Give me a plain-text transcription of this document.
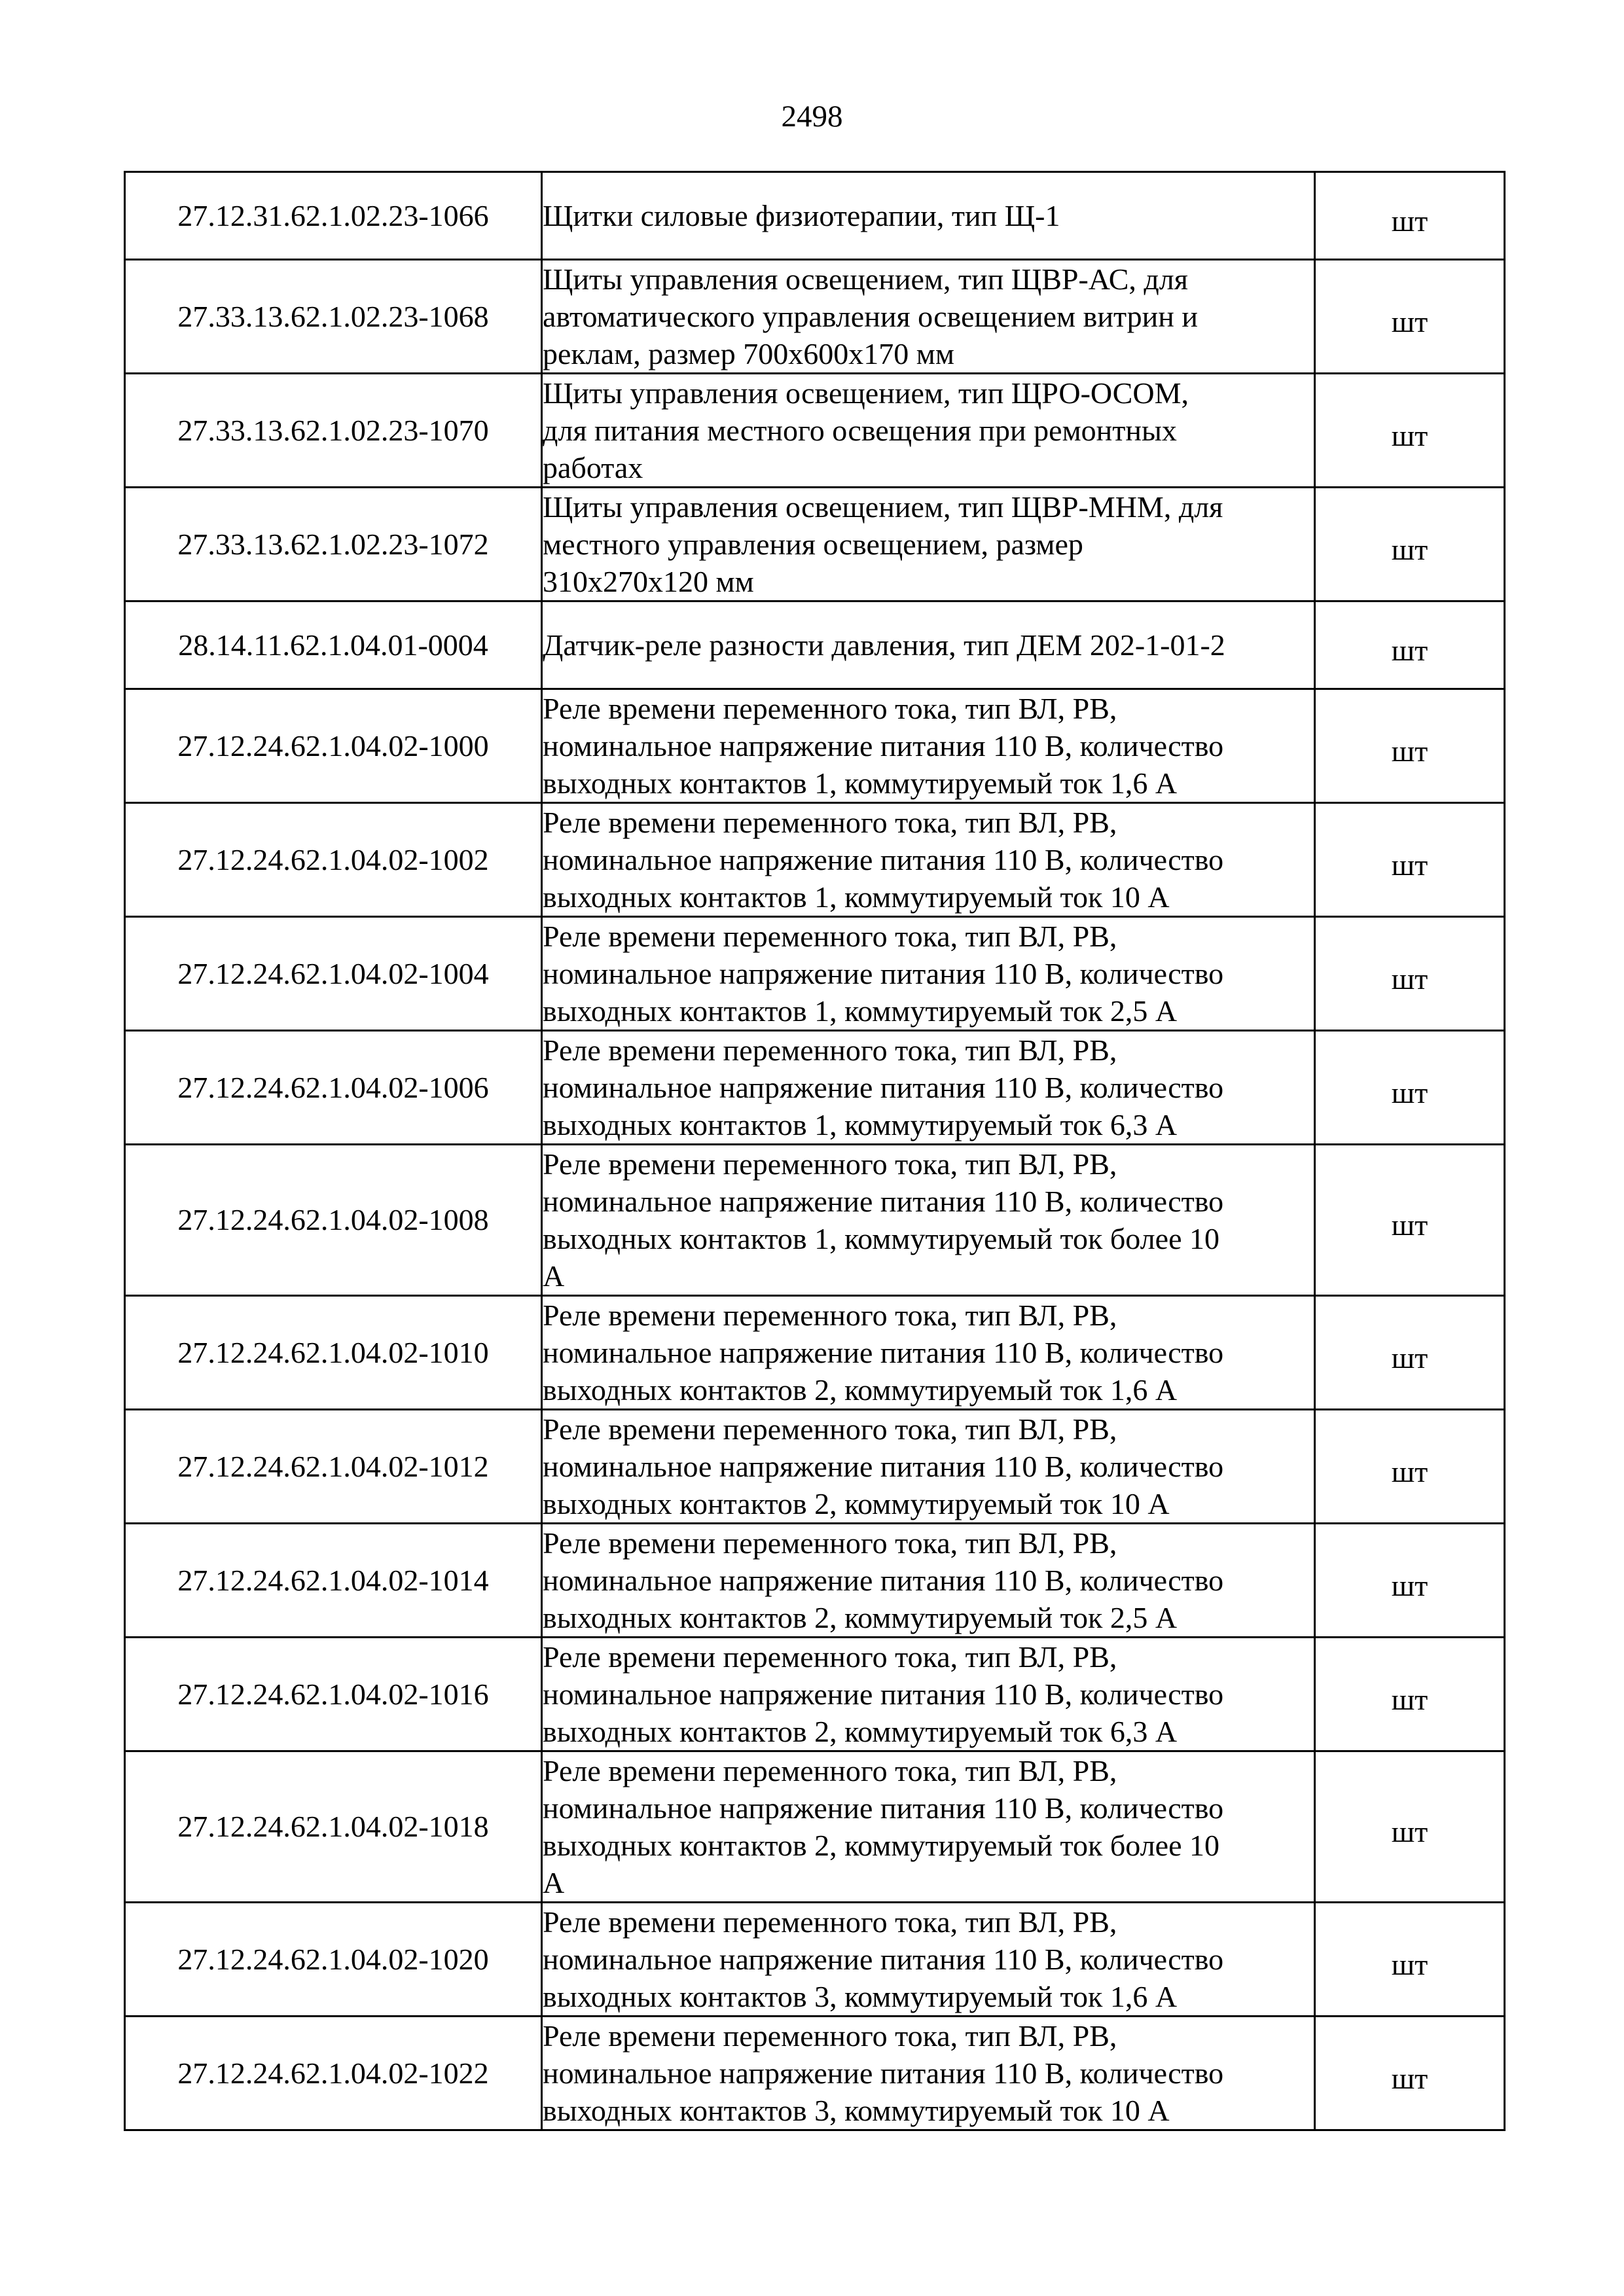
2498
27.12.31.62.1.02.23-1066	Щитки силовые физиотерапии, тип Щ-1	шт
27.33.13.62.1.02.23-1068	Щиты управления освещением, тип ЩВР-АС, для
автоматического управления освещением витрин и
реклам, размер 700х600х170 мм	шт
27.33.13.62.1.02.23-1070	Щиты управления освещением, тип ЩРО-ОСОМ,
для питания местного освещения при ремонтных
работах	шт
27.33.13.62.1.02.23-1072	Щиты управления освещением, тип ЩВР-МНМ, для
местного управления освещением, размер
310х270х120 мм	шт
28.14.11.62.1.04.01-0004	Датчик-реле разности давления, тип ДЕМ 202-1-01-2	шт
27.12.24.62.1.04.02-1000	Реле времени переменного тока, тип ВЛ, РВ,
номинальное напряжение питания 110 В, количество
выходных контактов 1, коммутируемый ток 1,6 А	шт
27.12.24.62.1.04.02-1002	Реле времени переменного тока, тип ВЛ, РВ,
номинальное напряжение питания 110 В, количество
выходных контактов 1, коммутируемый ток 10 А	шт
27.12.24.62.1.04.02-1004	Реле времени переменного тока, тип ВЛ, РВ,
номинальное напряжение питания 110 В, количество
выходных контактов 1, коммутируемый ток 2,5 А	шт
27.12.24.62.1.04.02-1006	Реле времени переменного тока, тип ВЛ, РВ,
номинальное напряжение питания 110 В, количество
выходных контактов 1, коммутируемый ток 6,3 А	шт
27.12.24.62.1.04.02-1008	Реле времени переменного тока, тип ВЛ, РВ,
номинальное напряжение питания 110 В, количество
выходных контактов 1, коммутируемый ток более 10
А	шт
27.12.24.62.1.04.02-1010	Реле времени переменного тока, тип ВЛ, РВ,
номинальное напряжение питания 110 В, количество
выходных контактов 2, коммутируемый ток 1,6 А	шт
27.12.24.62.1.04.02-1012	Реле времени переменного тока, тип ВЛ, РВ,
номинальное напряжение питания 110 В, количество
выходных контактов 2, коммутируемый ток 10 А	шт
27.12.24.62.1.04.02-1014	Реле времени переменного тока, тип ВЛ, РВ,
номинальное напряжение питания 110 В, количество
выходных контактов 2, коммутируемый ток 2,5 А	шт
27.12.24.62.1.04.02-1016	Реле времени переменного тока, тип ВЛ, РВ,
номинальное напряжение питания 110 В, количество
выходных контактов 2, коммутируемый ток 6,3 А	шт
27.12.24.62.1.04.02-1018	Реле времени переменного тока, тип ВЛ, РВ,
номинальное напряжение питания 110 В, количество
выходных контактов 2, коммутируемый ток более 10
А	шт
27.12.24.62.1.04.02-1020	Реле времени переменного тока, тип ВЛ, РВ,
номинальное напряжение питания 110 В, количество
выходных контактов 3, коммутируемый ток 1,6 А	шт
27.12.24.62.1.04.02-1022	Реле времени переменного тока, тип ВЛ, РВ,
номинальное напряжение питания 110 В, количество
выходных контактов 3, коммутируемый ток 10 А	шт
